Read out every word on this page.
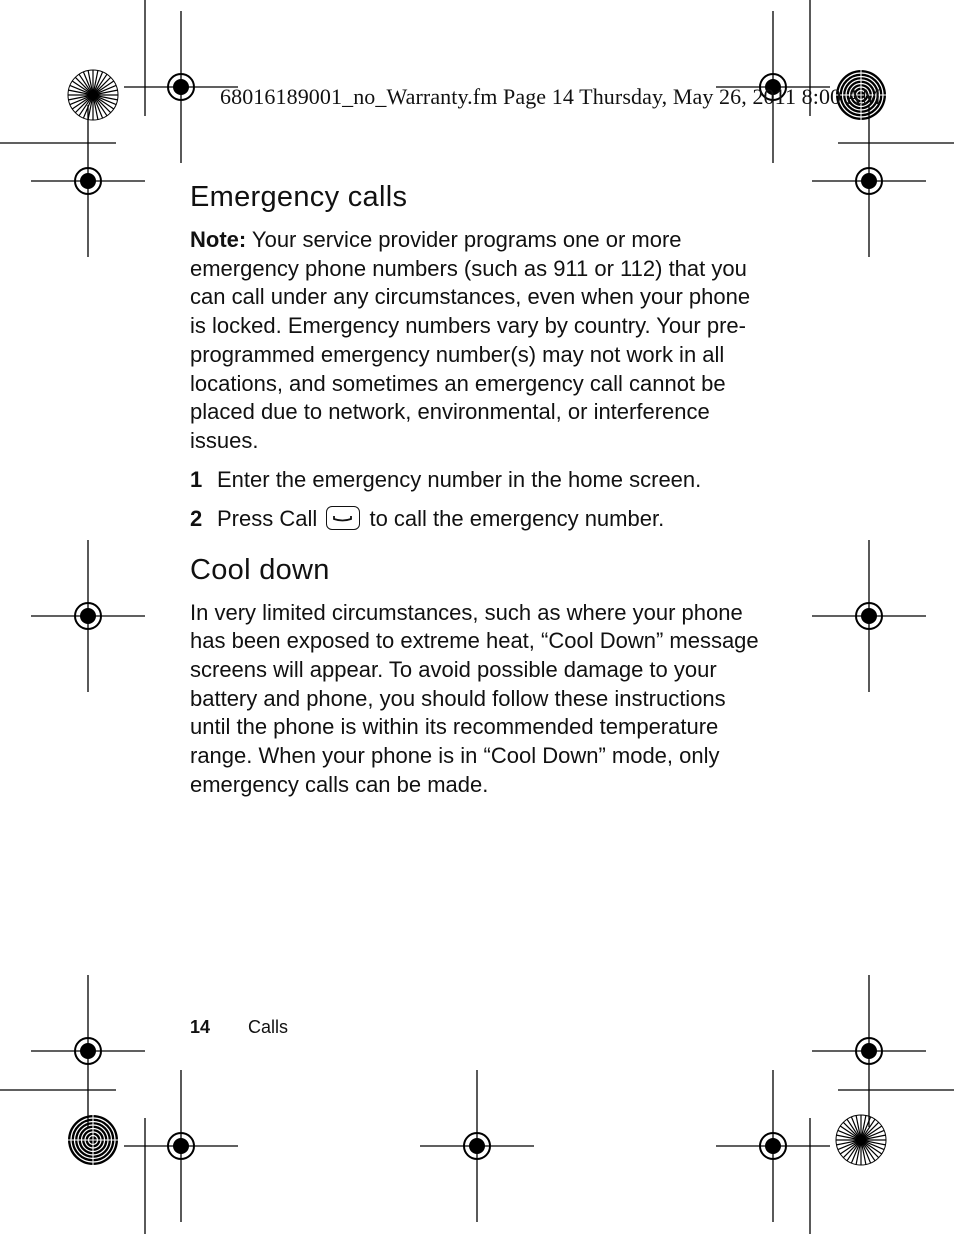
68016189001_no_Warranty.fm Page 14 Thursday, May 26, 2011 8:00 AM
Emergency calls

Note: Your service provider programs one or more emergency phone numbers (such as 911 or 112) that you can call under any circumstances, even when your phone is locked. Emergency numbers vary by country. Your pre-programmed emergency number(s) may not work in all locations, and sometimes an emergency call cannot be placed due to network, environmental, or interference issues.

1 Enter the emergency number in the home screen.
2 Press Call
to call the emergency number.
Cool down

In very limited circumstances, such as where your phone has been exposed to extreme heat, “Cool Down” message screens will appear. To avoid possible damage to your battery and phone, you should follow these instructions until the phone is within its recommended temperature range. When your phone is in “Cool Down” mode, only emergency calls can be made.

14 Calls
